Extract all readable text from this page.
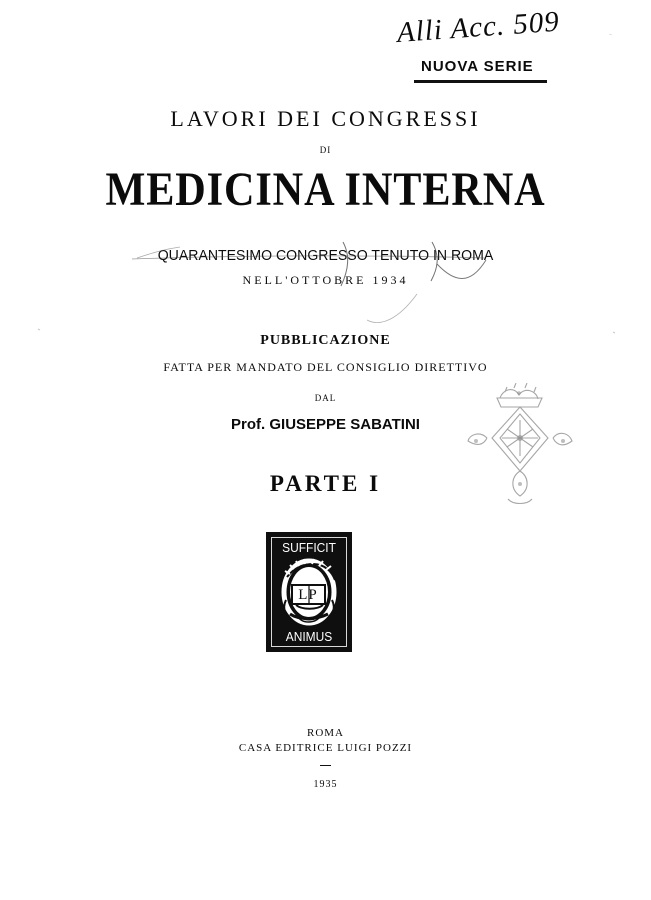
Alli Acc. 509
NUOVA SERIE
LAVORI DEI CONGRESSI
DI
MEDICINA INTERNA
QUARANTESIMO CONGRESSO TENUTO IN ROMA
NELL'OTTOBRE 1934
PUBBLICAZIONE
FATTA PER MANDATO DEL CONSIGLIO DIRETTIVO
DAL
Prof. GIUSEPPE SABATINI
PARTE I
SUFFICIT
LP
ANIMUS
ROMA
CASA EDITRICE LUIGI POZZI
1935
